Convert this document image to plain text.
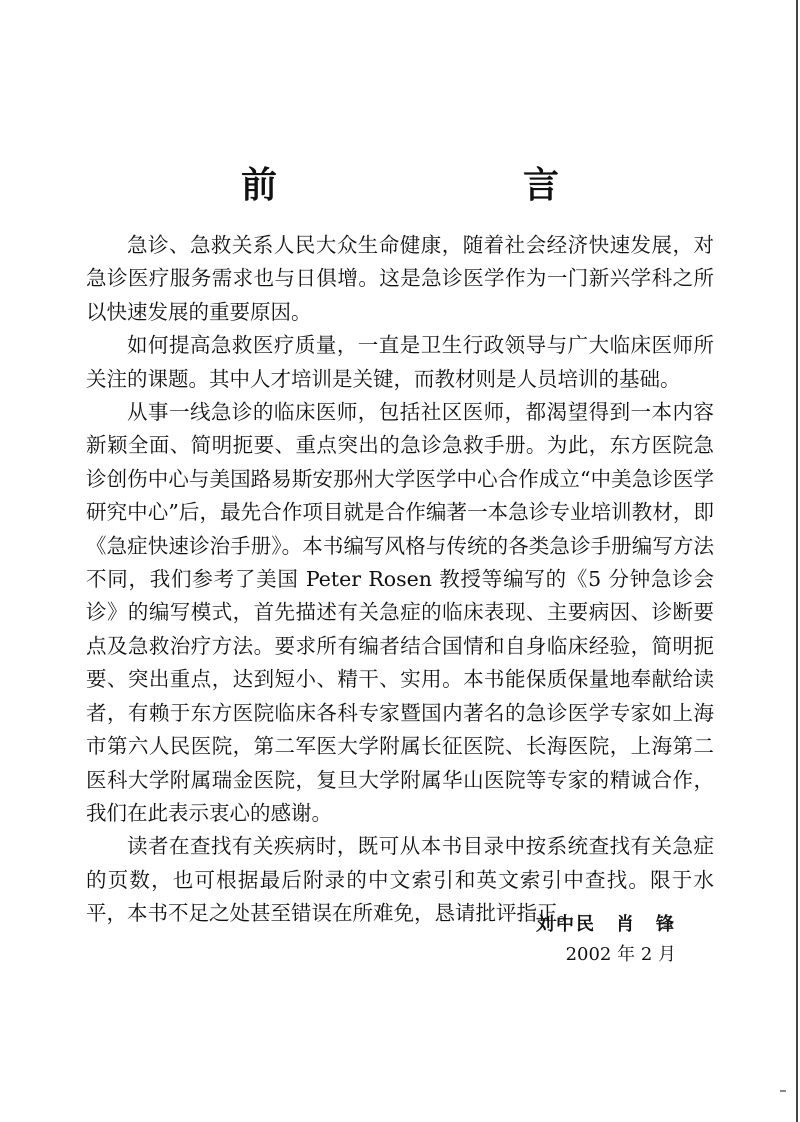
前　　言

急诊、急救关系人民大众生命健康，随着社会经济快速发展，对急诊医疗服务需求也与日俱增。这是急诊医学作为一门新兴学科之所以快速发展的重要原因。

如何提高急救医疗质量，一直是卫生行政领导与广大临床医师所关注的课题。其中人才培训是关键，而教材则是人员培训的基础。

从事一线急诊的临床医师，包括社区医师，都渴望得到一本内容新颖全面、简明扼要、重点突出的急诊急救手册。为此，东方医院急诊创伤中心与美国路易斯安那州大学医学中心合作成立“中美急诊医学研究中心”后，最先合作项目就是合作编著一本急诊专业培训教材，即《急症快速诊治手册》。本书编写风格与传统的各类急诊手册编写方法不同，我们参考了美国 Peter Rosen 教授等编写的《5 分钟急诊会诊》的编写模式，首先描述有关急症的临床表现、主要病因、诊断要点及急救治疗方法。要求所有编者结合国情和自身临床经验，简明扼要、突出重点，达到短小、精干、实用。本书能保质保量地奉献给读者，有赖于东方医院临床各科专家暨国内著名的急诊医学专家如上海市第六人民医院，第二军医大学附属长征医院、长海医院，上海第二医科大学附属瑞金医院，复旦大学附属华山医院等专家的精诚合作，我们在此表示衷心的感谢。

读者在查找有关疾病时，既可从本书目录中按系统查找有关急症的页数，也可根据最后附录的中文索引和英文索引中查找。限于水平，本书不足之处甚至错误在所难免，恳请批评指正。

刘中民　肖　锋
2002 年 2 月
